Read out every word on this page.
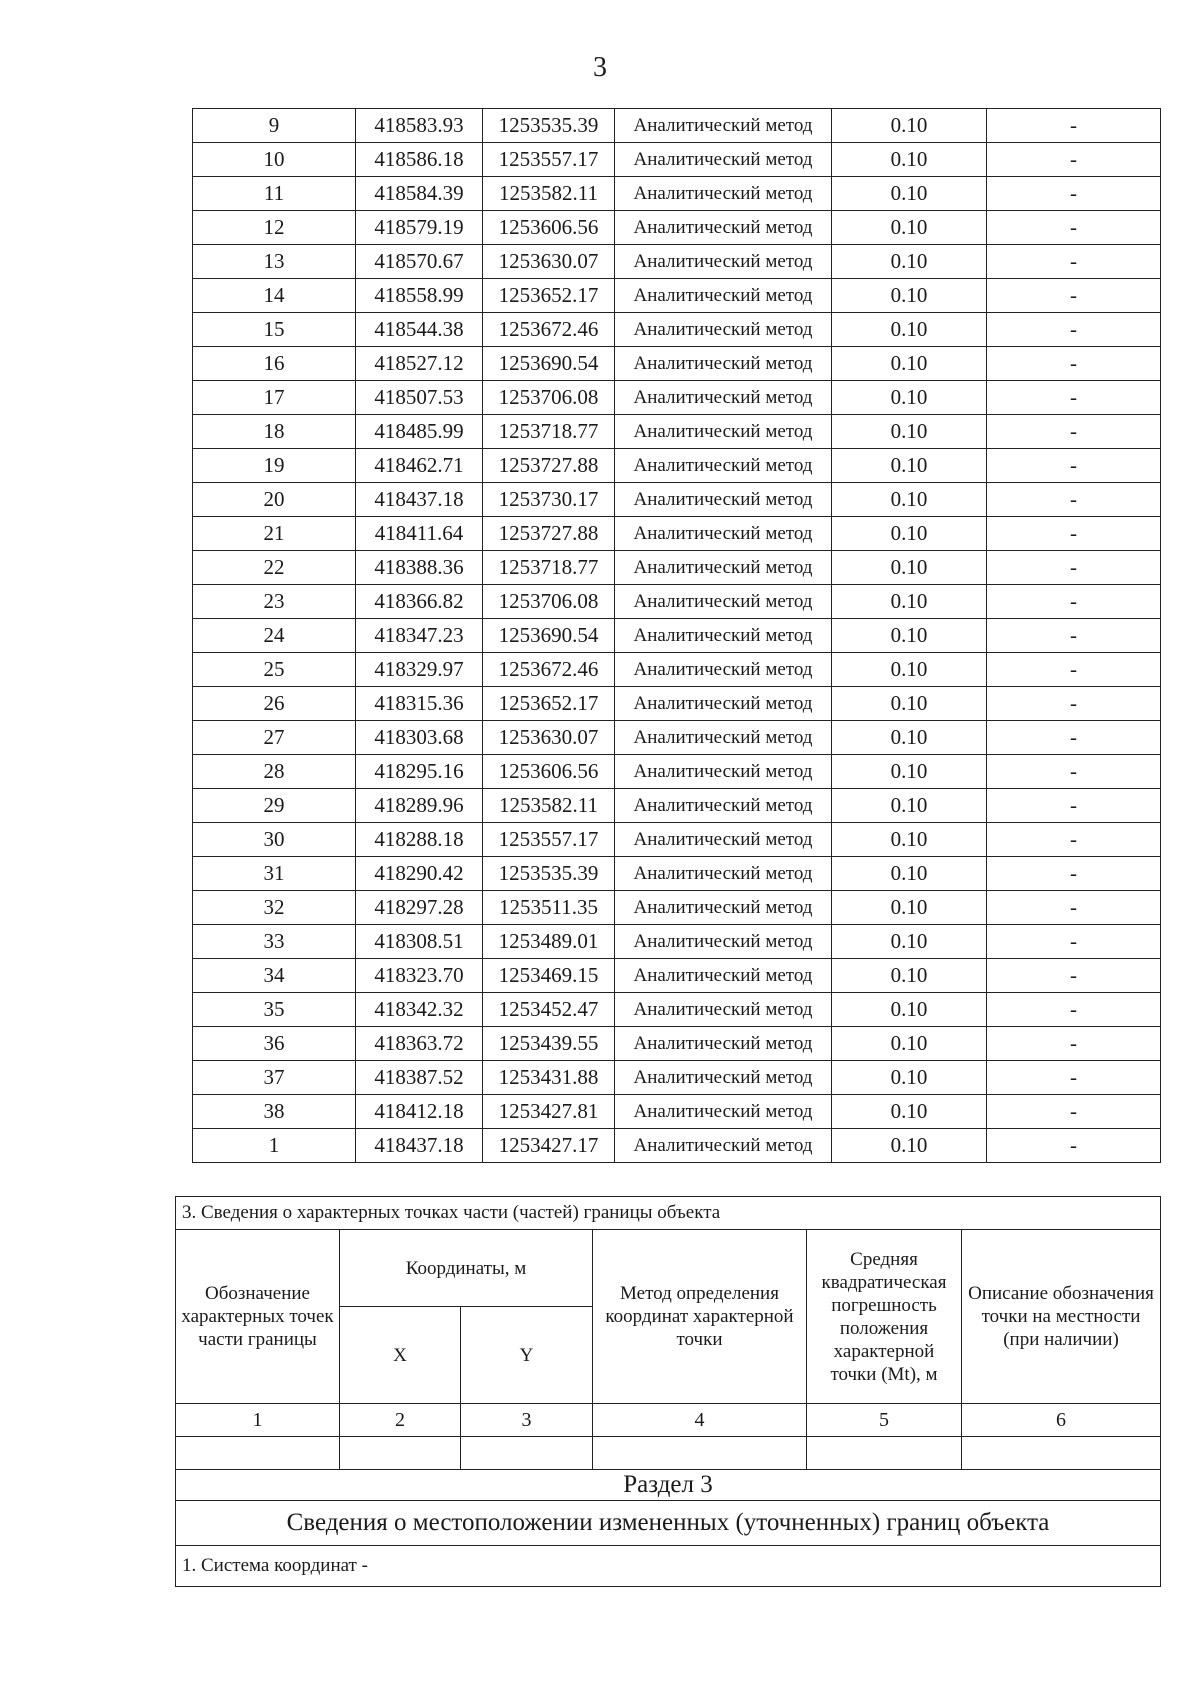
3
9	418583.93	1253535.39	Аналитический метод	0.10	-
10	418586.18	1253557.17	Аналитический метод	0.10	-
11	418584.39	1253582.11	Аналитический метод	0.10	-
12	418579.19	1253606.56	Аналитический метод	0.10	-
13	418570.67	1253630.07	Аналитический метод	0.10	-
14	418558.99	1253652.17	Аналитический метод	0.10	-
15	418544.38	1253672.46	Аналитический метод	0.10	-
16	418527.12	1253690.54	Аналитический метод	0.10	-
17	418507.53	1253706.08	Аналитический метод	0.10	-
18	418485.99	1253718.77	Аналитический метод	0.10	-
19	418462.71	1253727.88	Аналитический метод	0.10	-
20	418437.18	1253730.17	Аналитический метод	0.10	-
21	418411.64	1253727.88	Аналитический метод	0.10	-
22	418388.36	1253718.77	Аналитический метод	0.10	-
23	418366.82	1253706.08	Аналитический метод	0.10	-
24	418347.23	1253690.54	Аналитический метод	0.10	-
25	418329.97	1253672.46	Аналитический метод	0.10	-
26	418315.36	1253652.17	Аналитический метод	0.10	-
27	418303.68	1253630.07	Аналитический метод	0.10	-
28	418295.16	1253606.56	Аналитический метод	0.10	-
29	418289.96	1253582.11	Аналитический метод	0.10	-
30	418288.18	1253557.17	Аналитический метод	0.10	-
31	418290.42	1253535.39	Аналитический метод	0.10	-
32	418297.28	1253511.35	Аналитический метод	0.10	-
33	418308.51	1253489.01	Аналитический метод	0.10	-
34	418323.70	1253469.15	Аналитический метод	0.10	-
35	418342.32	1253452.47	Аналитический метод	0.10	-
36	418363.72	1253439.55	Аналитический метод	0.10	-
37	418387.52	1253431.88	Аналитический метод	0.10	-
38	418412.18	1253427.81	Аналитический метод	0.10	-
1	418437.18	1253427.17	Аналитический метод	0.10	-
3. Сведения о характерных точках части (частей) границы объекта					
Обозначение характерных точек части границы	Координаты, м		Метод определения координат характерной точки	Средняя квадратическая погрешность положения характерной точки (Mt), м	Описание обозначения точки на местности (при наличии)
	X	Y			
1	2	3	4	5	6

Раздел 3					
Сведения о местоположении измененных (уточненных) границ объекта					
1. Система координат -					
